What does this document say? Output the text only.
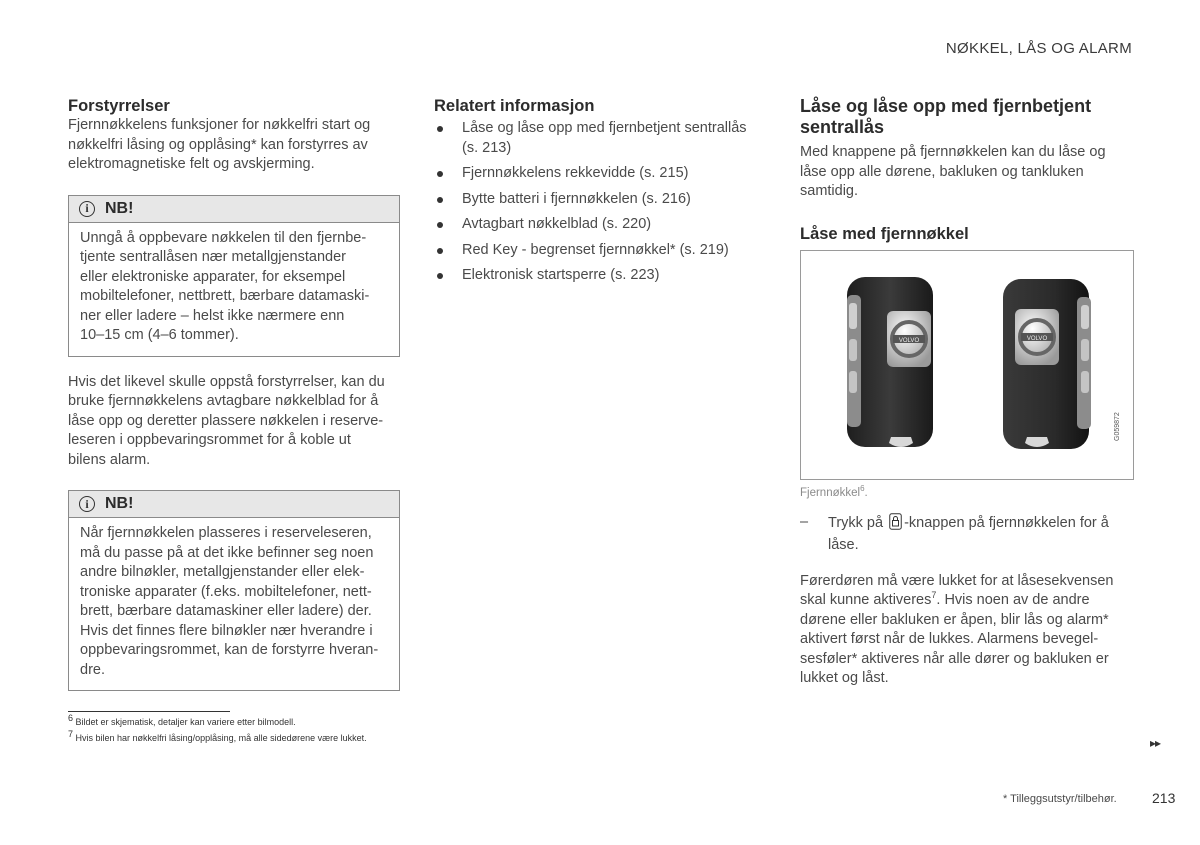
NØKKEL, LÅS OG ALARM
Forstyrrelser

Fjernnøkkelens funksjoner for nøkkelfri start og nøkkelfri låsing og opplåsing* kan forstyrres av elektromagnetiske felt og avskjerming.

i	NB!
Unngå å oppbevare nøkkelen til den fjernbe-
tjente sentrallåsen nær metallgjenstander
eller elektroniske apparater, for eksempel
mobiltelefoner, nettbrett, bærbare datamaski-
ner eller ladere – helst ikke nærmere enn
10–15 cm (4–6 tommer).

Hvis det likevel skulle oppstå forstyrrelser, kan du

bruke fjernnøkkelens avtagbare nøkkelblad for å

låse opp og deretter plassere nøkkelen i reserve-

leseren i oppbevaringsrommet for å koble ut

bilens alarm.

i	NB!
Når fjernnøkkelen plasseres i reserveleseren,
må du passe på at det ikke befinner seg noen
andre bilnøkler, metallgjenstander eller elek-
troniske apparater (f.eks. mobiltelefoner, nett-
brett, bærbare datamaskiner eller ladere) der.
Hvis det finnes flere bilnøkler nær hverandre i
oppbevaringsrommet, kan de forstyrre hveran-
dre.
Relatert informasjon
Låse og låse opp med fjernbetjent sentrallås
(s. 213)
Fjernnøkkelens rekkevidde (s. 215)
Bytte batteri i fjernnøkkelen (s. 216)
Avtagbart nøkkelblad (s. 220)
Red Key - begrenset fjernnøkkel* (s. 219)
Elektronisk startsperre (s. 223)
Låse og låse opp med fjernbetjent
sentrallås

Med knappene på fjernnøkkelen kan du låse og låse opp alle dørene, bakluken og tankluken samtidig.

Låse med fjernnøkkel
VOLVO	VOLVO
G059872
Fjernnøkkel$^6$.
–	Trykk på -knappen på fjernnøkkelen for å
låse.

Førerdøren må være lukket for at låsesekvensen

skal kunne aktiveres$^7$. Hvis noen av de andre

dørene eller bakluken er åpen, blir lås og alarm*

aktivert først når de lukkes. Alarmens bevegel-

sesføler* aktiveres når alle dører og bakluken er

lukket og låst.

$^6$ Bildet er skjematisk, detaljer kan variere etter bilmodell.
$^7$ Hvis bilen har nøkkelfri låsing/opplåsing, må alle sidedørene være lukket.	▸▸
* Tilleggsutstyr/tilbehør.	213
